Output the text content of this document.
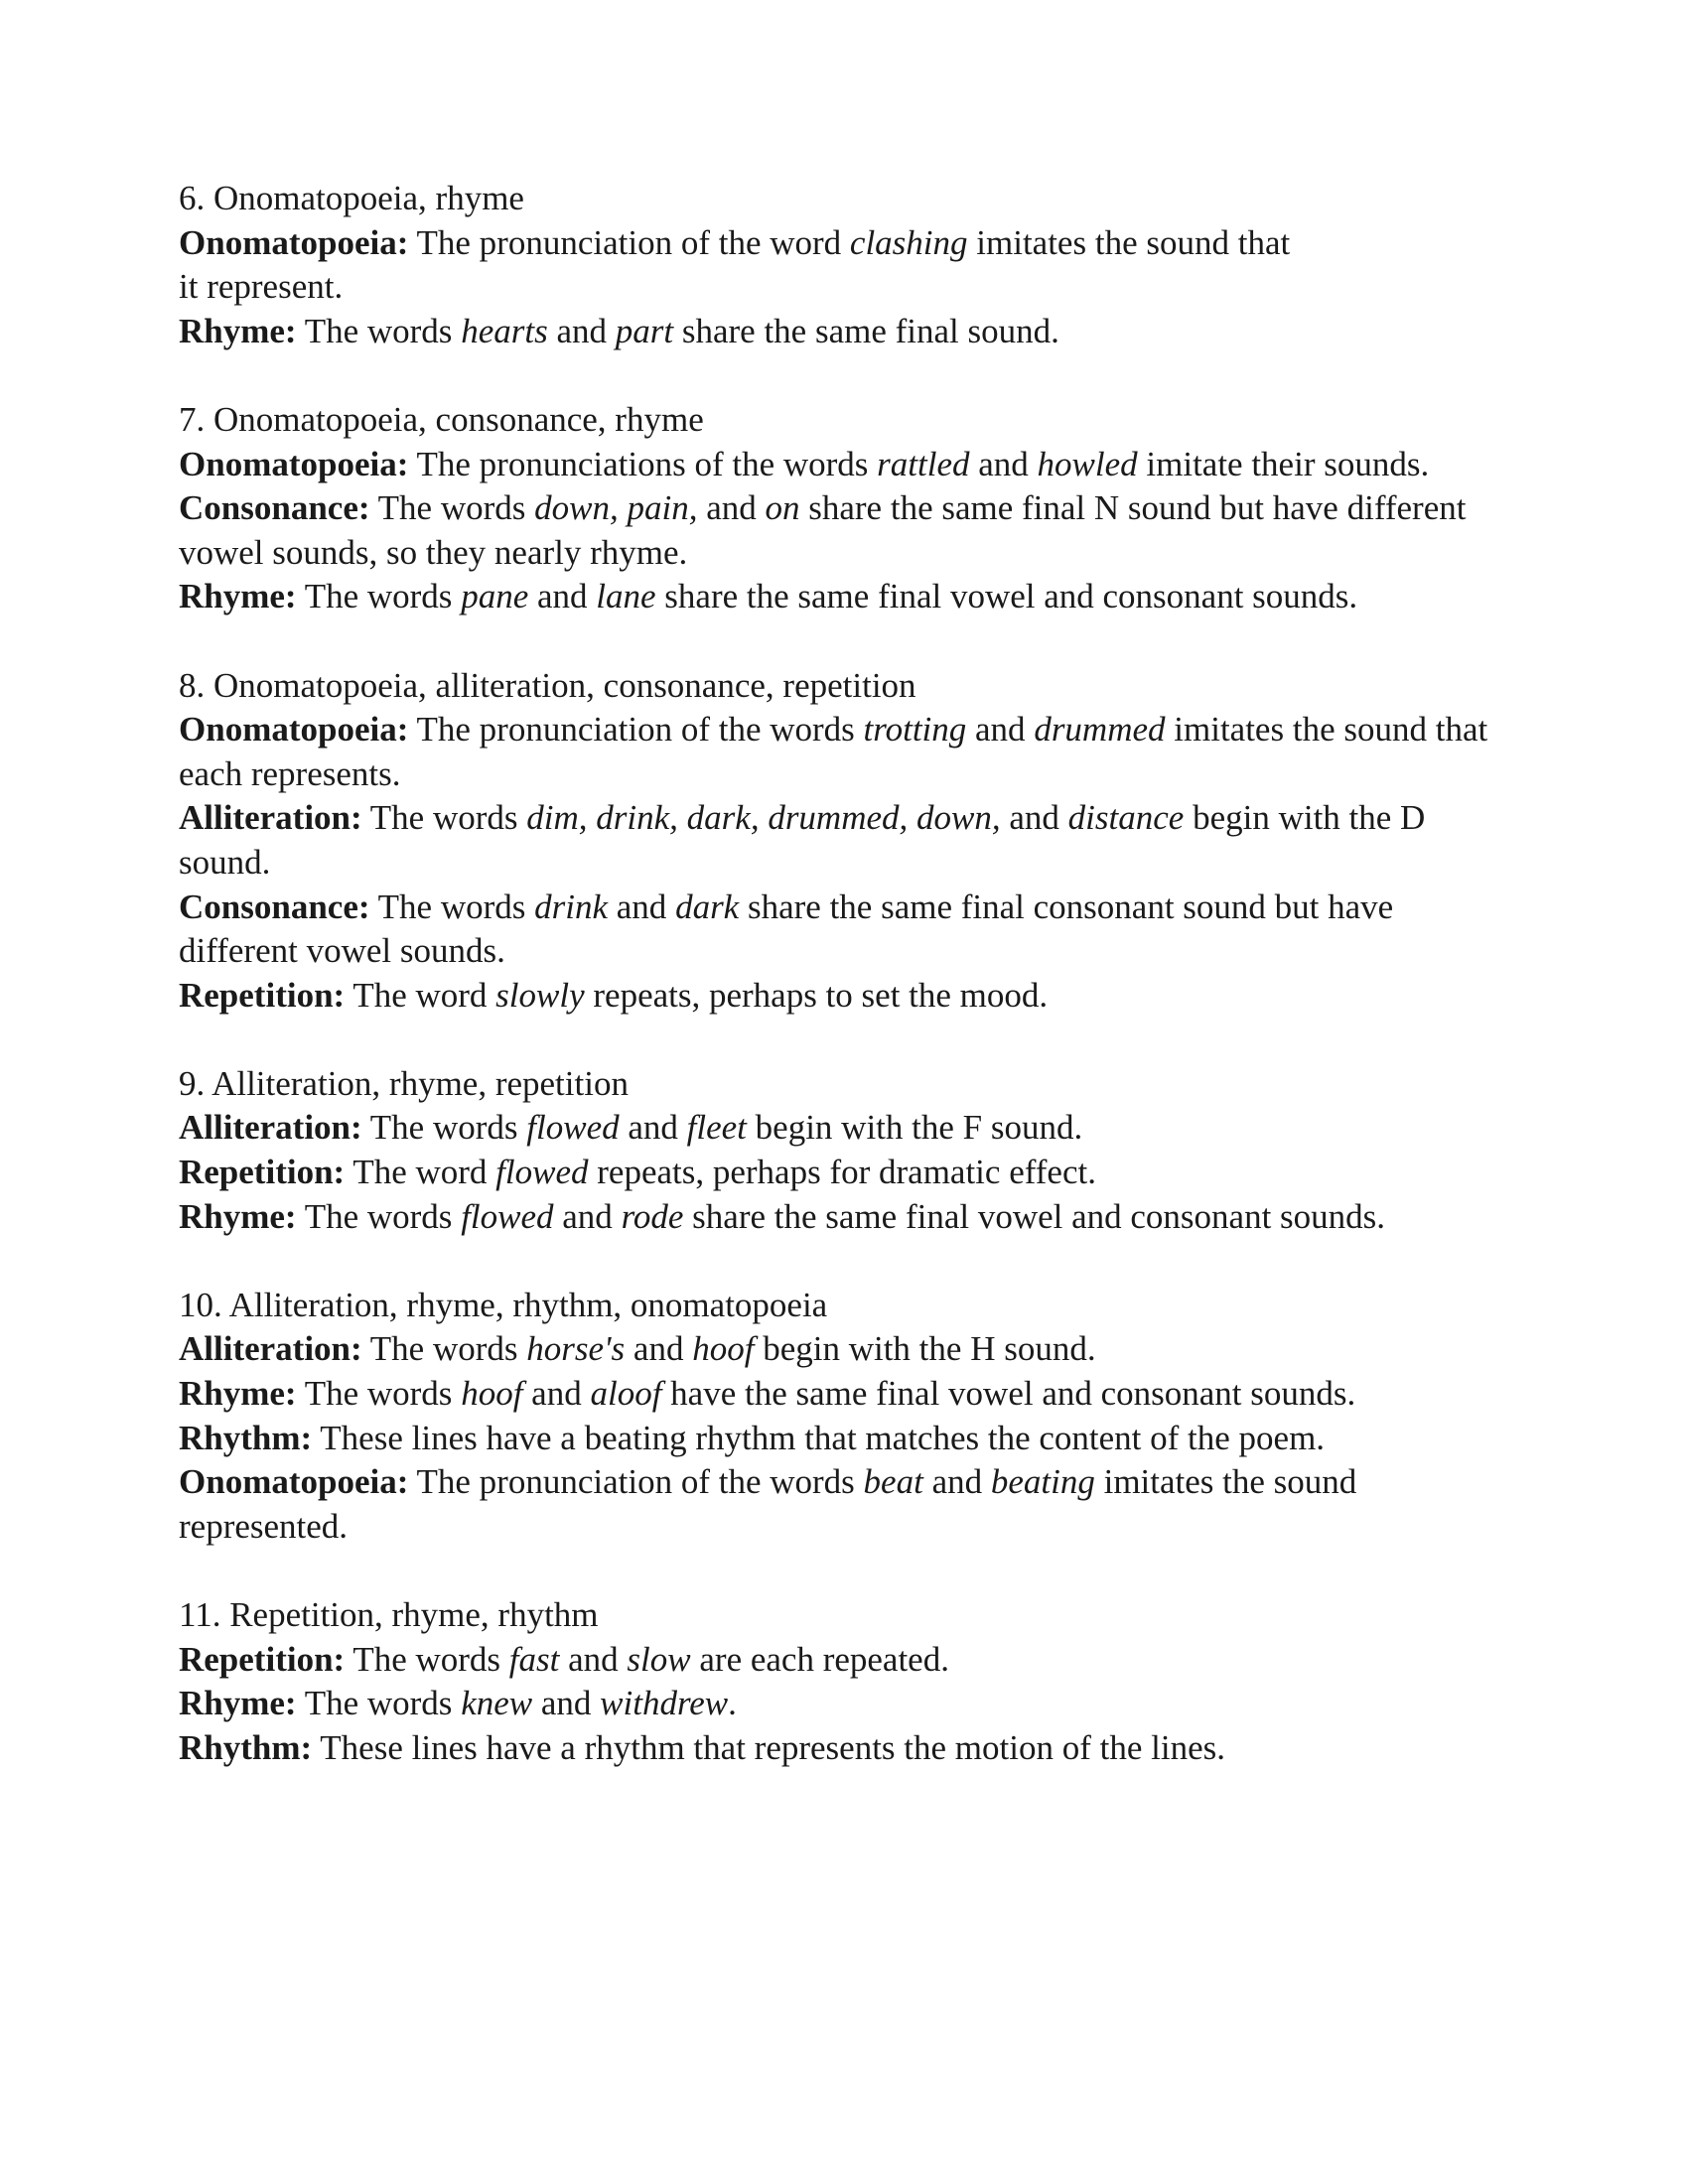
6. Onomatopoeia, rhyme

Onomatopoeia: The pronunciation of the word clashing imitates the sound that
it represent.

Rhyme: The words hearts and part share the same final sound.

7. Onomatopoeia, consonance, rhyme

Onomatopoeia: The pronunciations of the words rattled and howled imitate their sounds.

Consonance: The words down, pain, and on share the same final N sound but have different vowel sounds, so they nearly rhyme.

Rhyme: The words pane and lane share the same final vowel and consonant sounds.

8. Onomatopoeia, alliteration, consonance, repetition

Onomatopoeia: The pronunciation of the words trotting and drummed imitates the sound that each represents.

Alliteration: The words dim, drink, dark, drummed, down, and distance begin with the D sound.

Consonance: The words drink and dark share the same final consonant sound but have different vowel sounds.

Repetition: The word slowly repeats, perhaps to set the mood.

9. Alliteration, rhyme, repetition

Alliteration: The words flowed and fleet begin with the F sound.

Repetition: The word flowed repeats, perhaps for dramatic effect.

Rhyme: The words flowed and rode share the same final vowel and consonant sounds.

10. Alliteration, rhyme, rhythm, onomatopoeia

Alliteration: The words horse's and hoof begin with the H sound.

Rhyme: The words hoof and aloof have the same final vowel and consonant sounds.

Rhythm: These lines have a beating rhythm that matches the content of the poem.

Onomatopoeia: The pronunciation of the words beat and beating imitates the sound represented.

11. Repetition, rhyme, rhythm

Repetition: The words fast and slow are each repeated.

Rhyme: The words knew and withdrew.

Rhythm: These lines have a rhythm that represents the motion of the lines.
